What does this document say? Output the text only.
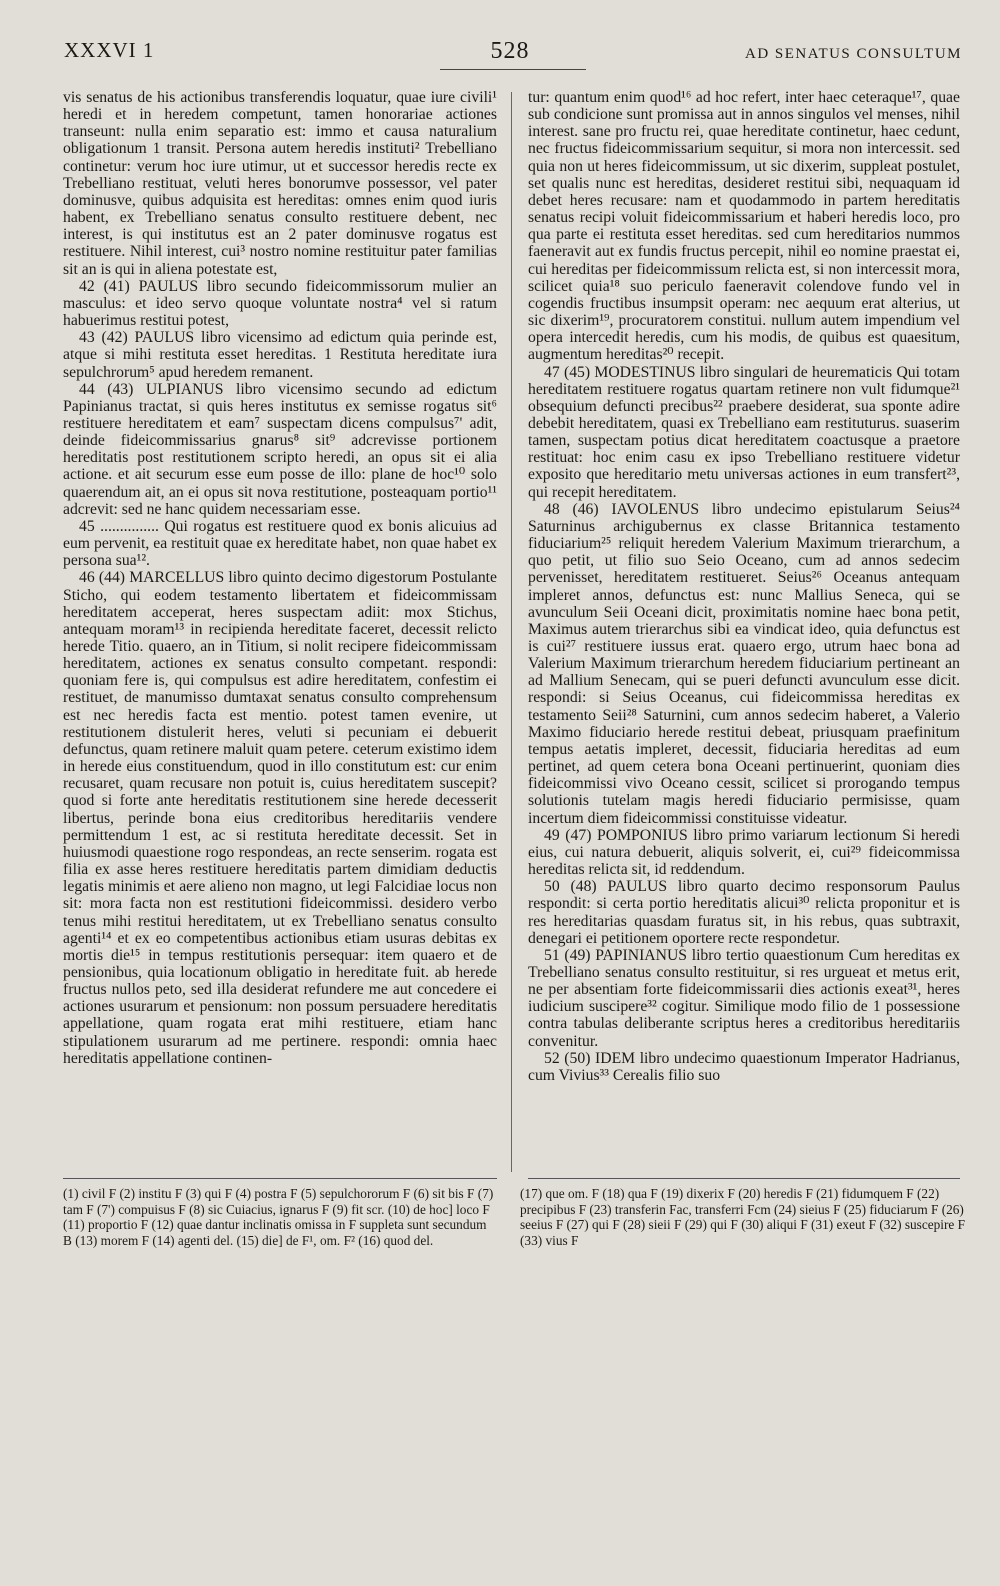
XXXVI 1	528	AD SENATUS CONSULTUM

vis senatus de his actionibus transferendis loquatur, quae iure civili¹ heredi et in heredem competunt, tamen honorariae actiones transeunt: nulla enim separatio est: immo et causa naturalium obligationum 1 transit. Persona autem heredis instituti² Trebelliano continetur: verum hoc iure utimur, ut et successor heredis recte ex Trebelliano restituat, veluti heres bonorumve possessor, vel pater dominusve, quibus adquisita est hereditas: omnes enim quod iuris habent, ex Trebelliano senatus consulto restituere debent, nec interest, is qui institutus est an 2 pater dominusve rogatus est restituere. Nihil interest, cui³ nostro nomine restituitur pater familias sit an is qui in aliena potestate est,

42 (41) PAULUS libro secundo fideicommissorum mulier an masculus: et ideo servo quoque voluntate nostra⁴ vel si ratum habuerimus restitui potest,

43 (42) PAULUS libro vicensimo ad edictum quia perinde est, atque si mihi restituta esset hereditas. 1 Restituta hereditate iura sepulchrorum⁵ apud heredem remanent.

44 (43) ULPIANUS libro vicensimo secundo ad edictum Papinianus tractat, si quis heres institutus ex semisse rogatus sit⁶ restituere hereditatem et eam⁷ suspectam dicens compulsus⁷' adit, deinde fideicommissarius gnarus⁸ sit⁹ adcrevisse portionem hereditatis post restitutionem scripto heredi, an opus sit ei alia actione. et ait securum esse eum posse de illo: plane de hoc¹⁰ solo quaerendum ait, an ei opus sit nova restitutione, posteaquam portio¹¹ adcrevit: sed ne hanc quidem necessariam esse.

45 ............... Qui rogatus est restituere quod ex bonis alicuius ad eum pervenit, ea restituit quae ex hereditate habet, non quae habet ex persona sua¹².

46 (44) MARCELLUS libro quinto decimo digestorum Postulante Sticho, qui eodem testamento libertatem et fideicommissam hereditatem acceperat, heres suspectam adiit: mox Stichus, antequam moram¹³ in recipienda hereditate faceret, decessit relicto herede Titio. quaero, an in Titium, si nolit recipere fideicommissam hereditatem, actiones ex senatus consulto competant. respondi: quoniam fere is, qui compulsus est adire hereditatem, confestim ei restituet, de manumisso dumtaxat senatus consulto comprehensum est nec heredis facta est mentio. potest tamen evenire, ut restitutionem distulerit heres, veluti si pecuniam ei debuerit defunctus, quam retinere maluit quam petere. ceterum existimo idem in herede eius constituendum, quod in illo constitutum est: cur enim recusaret, quam recusare non potuit is, cuius hereditatem suscepit? quod si forte ante hereditatis restitutionem sine herede decesserit libertus, perinde bona eius creditoribus hereditariis vendere permittendum 1 est, ac si restituta hereditate decessit. Set in huiusmodi quaestione rogo respondeas, an recte senserim. rogata est filia ex asse heres restituere hereditatis partem dimidiam deductis legatis minimis et aere alieno non magno, ut legi Falcidiae locus non sit: mora facta non est restitutioni fideicommissi. desidero verbo tenus mihi restitui hereditatem, ut ex Trebelliano senatus consulto agenti¹⁴ et ex eo competentibus actionibus etiam usuras debitas ex mortis die¹⁵ in tempus restitutionis persequar: item quaero et de pensionibus, quia locationum obligatio in hereditate fuit. ab herede fructus nullos peto, sed illa desiderat refundere me aut concedere ei actiones usurarum et pensionum: non possum persuadere hereditatis appellatione, quam rogata erat mihi restituere, etiam hanc stipulationem usurarum ad me pertinere. respondi: omnia haec hereditatis appellatione continen-

tur: quantum enim quod¹⁶ ad hoc refert, inter haec ceteraque¹⁷, quae sub condicione sunt promissa aut in annos singulos vel menses, nihil interest. sane pro fructu rei, quae hereditate continetur, haec cedunt, nec fructus fideicommissarium sequitur, si mora non intercessit. sed quia non ut heres fideicommissum, ut sic dixerim, suppleat postulet, set qualis nunc est hereditas, desideret restitui sibi, nequaquam id debet heres recusare: nam et quodammodo in partem hereditatis senatus recipi voluit fideicommissarium et haberi heredis loco, pro qua parte ei restituta esset hereditas. sed cum hereditarios nummos faeneravit aut ex fundis fructus percepit, nihil eo nomine praestat ei, cui hereditas per fideicommissum relicta est, si non intercessit mora, scilicet quia¹⁸ suo periculo faeneravit colendove fundo vel in cogendis fructibus insumpsit operam: nec aequum erat alterius, ut sic dixerim¹⁹, procuratorem constitui. nullum autem impendium vel opera intercedit heredis, cum his modis, de quibus est quaesitum, augmentum hereditas²⁰ recepit.

47 (45) MODESTINUS libro singulari de heurematicis Qui totam hereditatem restituere rogatus quartam retinere non vult fidumque²¹ obsequium defuncti precibus²² praebere desiderat, sua sponte adire debebit hereditatem, quasi ex Trebelliano eam restituturus. suaserim tamen, suspectam potius dicat hereditatem coactusque a praetore restituat: hoc enim casu ex ipso Trebelliano restituere videtur exposito que hereditario metu universas actiones in eum transfert²³, qui recepit hereditatem.

48 (46) IAVOLENUS libro undecimo epistularum Seius²⁴ Saturninus archigubernus ex classe Britannica testamento fiduciarium²⁵ reliquit heredem Valerium Maximum trierarchum, a quo petit, ut filio suo Seio Oceano, cum ad annos sedecim pervenisset, hereditatem restitueret. Seius²⁶ Oceanus antequam impleret annos, defunctus est: nunc Mallius Seneca, qui se avunculum Seii Oceani dicit, proximitatis nomine haec bona petit, Maximus autem trierarchus sibi ea vindicat ideo, quia defunctus est is cui²⁷ restituere iussus erat. quaero ergo, utrum haec bona ad Valerium Maximum trierarchum heredem fiduciarium pertineant an ad Mallium Senecam, qui se pueri defuncti avunculum esse dicit. respondi: si Seius Oceanus, cui fideicommissa hereditas ex testamento Seii²⁸ Saturnini, cum annos sedecim haberet, a Valerio Maximo fiduciario herede restitui debeat, priusquam praefinitum tempus aetatis impleret, decessit, fiduciaria hereditas ad eum pertinet, ad quem cetera bona Oceani pertinuerint, quoniam dies fideicommissi vivo Oceano cessit, scilicet si prorogando tempus solutionis tutelam magis heredi fiduciario permisisse, quam incertum diem fideicommissi constituisse videatur.

49 (47) POMPONIUS libro primo variarum lectionum Si heredi eius, cui natura debuerit, aliquis solverit, ei, cui²⁹ fideicommissa hereditas relicta sit, id reddendum.

50 (48) PAULUS libro quarto decimo responsorum Paulus respondit: si certa portio hereditatis alicui³⁰ relicta proponitur et is res hereditarias quasdam furatus sit, in his rebus, quas subtraxit, denegari ei petitionem oportere recte respondetur.

51 (49) PAPINIANUS libro tertio quaestionum Cum hereditas ex Trebelliano senatus consulto restituitur, si res urgueat et metus erit, ne per absentiam forte fideicommissarii dies actionis exeat³¹, heres iudicium suscipere³² cogitur. Similique modo filio de 1 possessione contra tabulas deliberante scriptus heres a creditoribus hereditariis convenitur.

52 (50) IDEM libro undecimo quaestionum Imperator Hadrianus, cum Vivius³³ Cerealis filio suo

(1) civil F (2) institu F (3) qui F (4) postra F (5) sepulchororum F (6) sit bis F (7) tam F (7') compuisus F (8) sic Cuiacius, ignarus F (9) fit scr. (10) de hoc] loco F (11) proportio F (12) quae dantur inclinatis omissa in F suppleta sunt secundum B (13) morem F (14) agenti del. (15) die] de F¹, om. F² (16) quod del.

(17) que om. F (18) qua F (19) dixerix F (20) heredis F (21) fidumquem F (22) precipibus F (23) transferin Fac, transferri Fcm (24) sieius F (25) fiduciarum F (26) seeius F (27) qui F (28) sieii F (29) qui F (30) aliqui F (31) exeut F (32) suscepire F (33) vius F
